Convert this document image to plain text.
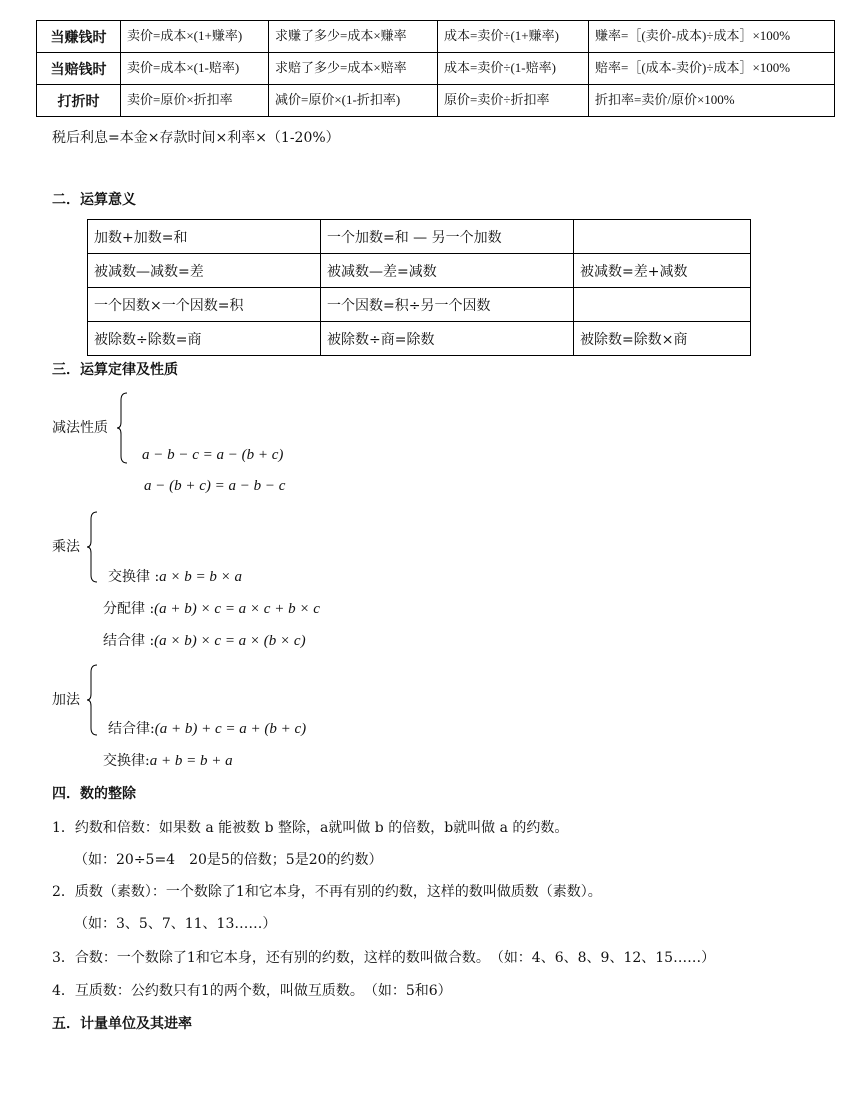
当赚钱时	卖价=成本×(1+赚率)	求赚了多少=成本×赚率	成本=卖价÷(1+赚率)	赚率=［(卖价-成本)÷成本］×100%
当赔钱时	卖价=成本×(1-赔率)	求赔了多少=成本×赔率	成本=卖价÷(1-赔率)	赔率=［(成本-卖价)÷成本］×100%
打折时	卖价=原价×折扣率	减价=原价×(1-折扣率)	原价=卖价÷折扣率	折扣率=卖价/原价×100%
税后利息=本金×存款时间×利率×（1-20%）
二．运算意义
加数+加数=和	一个加数=和 — 另一个加数	
被减数—减数=差	被减数—差=减数	被减数=差+减数
一个因数×一个因数=积	一个因数=积÷另一个因数	
被除数÷除数=商	被除数÷商=除数	被除数=除数×商
三．运算定律及性质
减法性质
a − b − c = a − (b + c)
a − (b + c) = a − b − c
乘法
交换律 :a × b = b × a
分配律 :(a + b) × c = a × c + b × c
结合律 :(a × b) × c = a × (b × c)
加法
结合律:(a + b) + c = a + (b + c)
交换律:a + b = b + a
四．数的整除
1．约数和倍数：如果数 a 能被数 b 整除，a就叫做 b 的倍数，b就叫做 a 的约数。
（如：20÷5=4　20是5的倍数；5是20的约数）
2．质数（素数）：一个数除了1和它本身，不再有别的约数，这样的数叫做质数（素数）。
（如：3、5、7、11、13……）
3．合数：一个数除了1和它本身，还有别的约数，这样的数叫做合数。　（如：4、6、8、9、12、15……）
4．互质数：公约数只有1的两个数，叫做互质数。　（如：5和6）
五．计量单位及其进率
